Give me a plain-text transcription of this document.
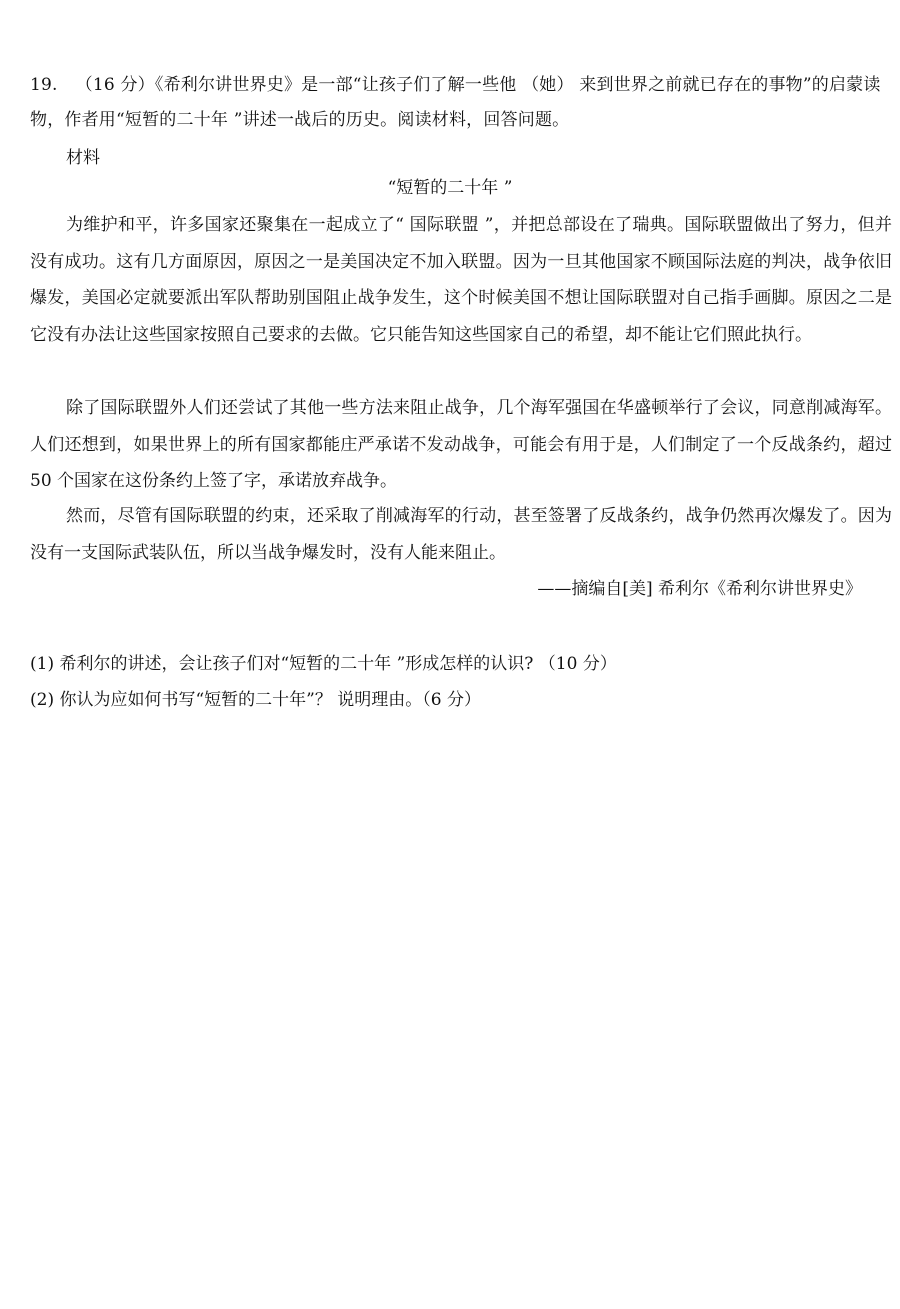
19. （16 分）《希利尔讲世界史》是一部“让孩子们了解一些他 （她） 来到世界之前就已存在的事物”的启蒙读物，作者用“短暂的二十年 ”讲述一战后的历史。阅读材料，回答问题。
材料
“短暂的二十年 ”
为维护和平，许多国家还聚集在一起成立了“ 国际联盟 ”，并把总部设在了瑞典。国际联盟做出了努力，但并没有成功。这有几方面原因，原因之一是美国决定不加入联盟。因为一旦其他国家不顾国际法庭的判决，战争依旧爆发，美国必定就要派出军队帮助别国阻止战争发生，这个时候美国不想让国际联盟对自己指手画脚。原因之二是它没有办法让这些国家按照自己要求的去做。它只能告知这些国家自己的希望，却不能让它们照此执行。
除了国际联盟外人们还尝试了其他一些方法来阻止战争，几个海军强国在华盛顿举行了会议，同意削减海军。人们还想到，如果世界上的所有国家都能庄严承诺不发动战争，可能会有用于是，人们制定了一个反战条约，超过 50 个国家在这份条约上签了字，承诺放弃战争。
然而，尽管有国际联盟的约束，还采取了削减海军的行动，甚至签署了反战条约，战争仍然再次爆发了。因为没有一支国际武装队伍，所以当战争爆发时，没有人能来阻止。
——摘编自[美] 希利尔《希利尔讲世界史》
(1) 希利尔的讲述，会让孩子们对“短暂的二十年 ”形成怎样的认识? （10 分）
(2) 你认为应如何书写“短暂的二十年”？ 说明理由。（6 分）
